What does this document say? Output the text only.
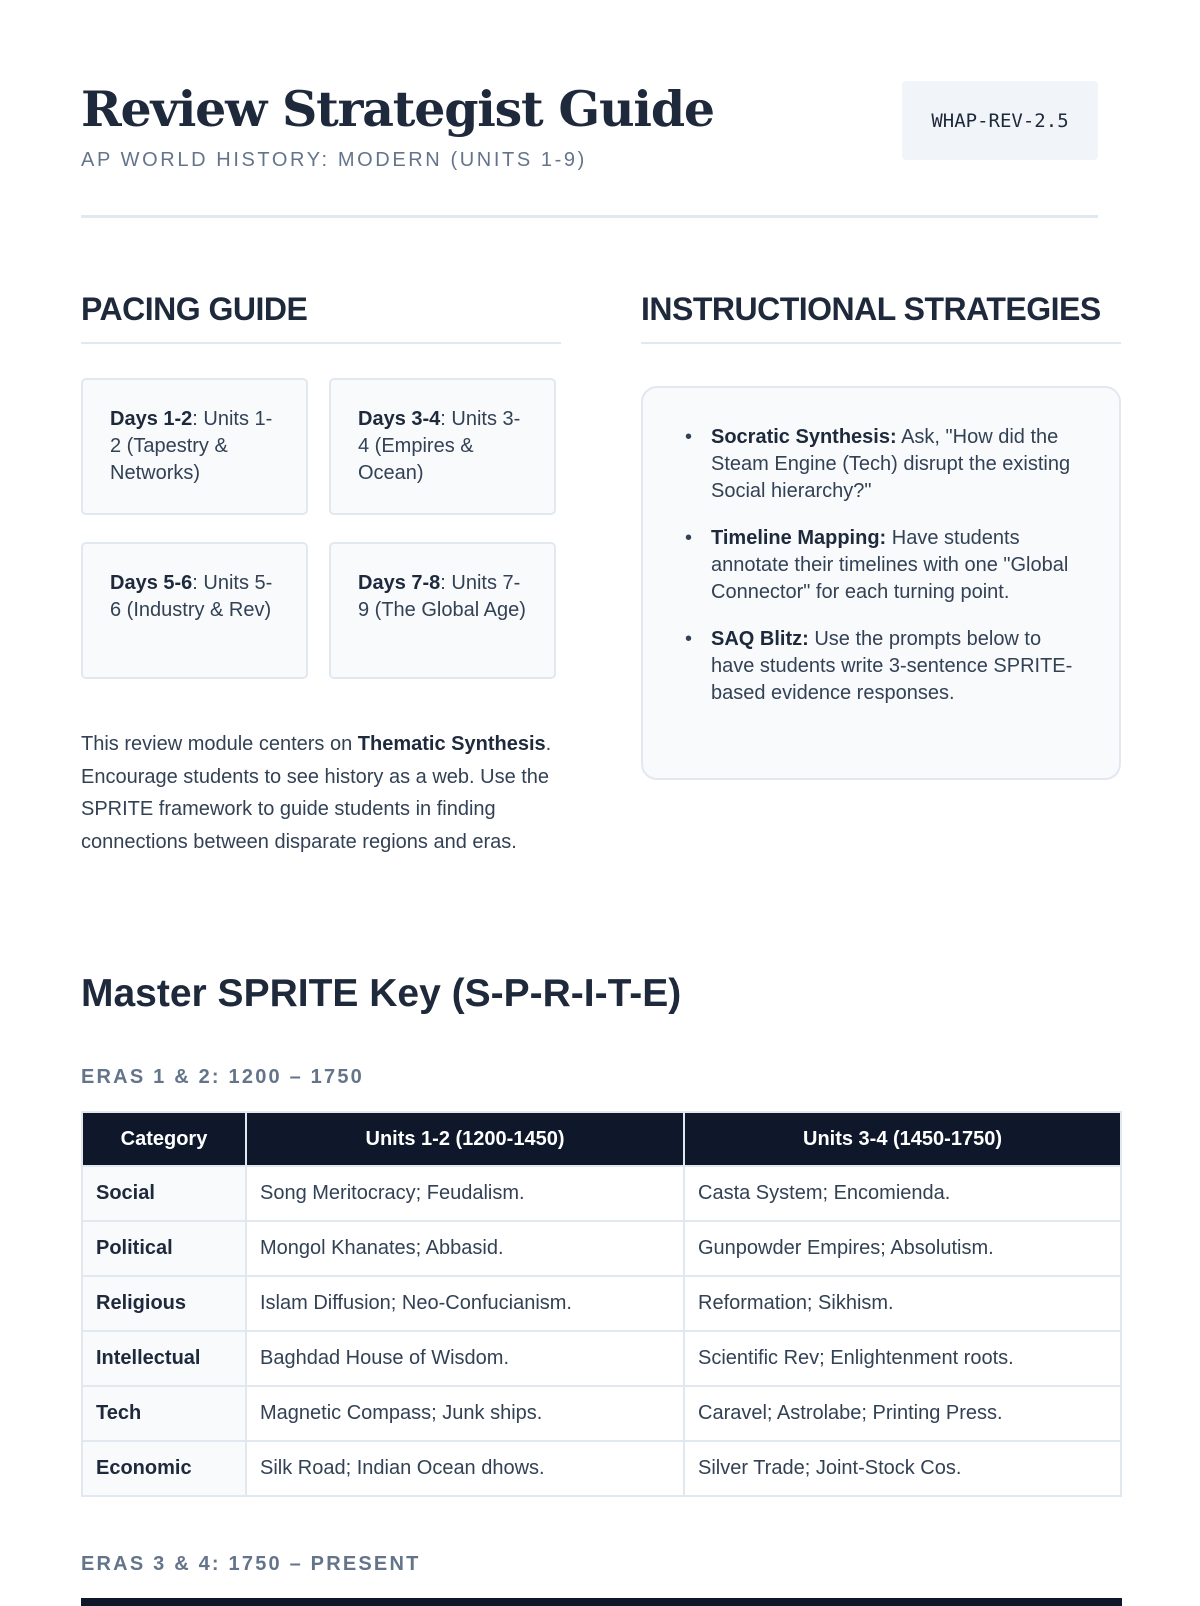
Review Strategist Guide
AP WORLD HISTORY: MODERN (UNITS 1-9)
WHAP-REV-2.5
PACING GUIDE
Days 1-2: Units 1-2 (Tapestry & Networks)
Days 3-4: Units 3-4 (Empires & Ocean)
Days 5-6: Units 5-6 (Industry & Rev)
Days 7-8: Units 7-9 (The Global Age)

This review module centers on Thematic Synthesis. Encourage students to see history as a web. Use the SPRITE framework to guide students in finding connections between disparate regions and eras.

INSTRUCTIONAL STRATEGIES
• Socratic Synthesis: Ask, "How did the Steam Engine (Tech) disrupt the existing Social hierarchy?"
• Timeline Mapping: Have students annotate their timelines with one "Global Connector" for each turning point.
• SAQ Blitz: Use the prompts below to have students write 3-sentence SPRITE-based evidence responses.
Master SPRITE Key (S-P-R-I-T-E)
ERAS 1 & 2: 1200 – 1750
Category	Units 1-2 (1200-1450)	Units 3-4 (1450-1750)
Social	Song Meritocracy; Feudalism.	Casta System; Encomienda.
Political	Mongol Khanates; Abbasid.	Gunpowder Empires; Absolutism.
Religious	Islam Diffusion; Neo-Confucianism.	Reformation; Sikhism.
Intellectual	Baghdad House of Wisdom.	Scientific Rev; Enlightenment roots.
Tech	Magnetic Compass; Junk ships.	Caravel; Astrolabe; Printing Press.
Economic	Silk Road; Indian Ocean dhows.	Silver Trade; Joint-Stock Cos.
ERAS 3 & 4: 1750 – PRESENT
